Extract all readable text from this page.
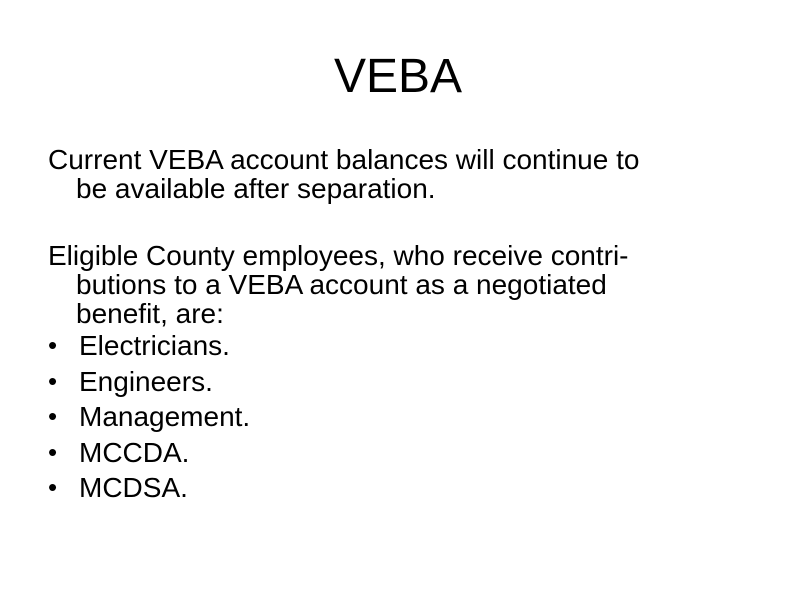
VEBA

Current VEBA account balances will continue to
be available after separation.

Eligible County employees, who receive contri-
butions to a VEBA account as a negotiated
benefit, are:

• Electricians.
• Engineers.
• Management.
• MCCDA.
• MCDSA.
